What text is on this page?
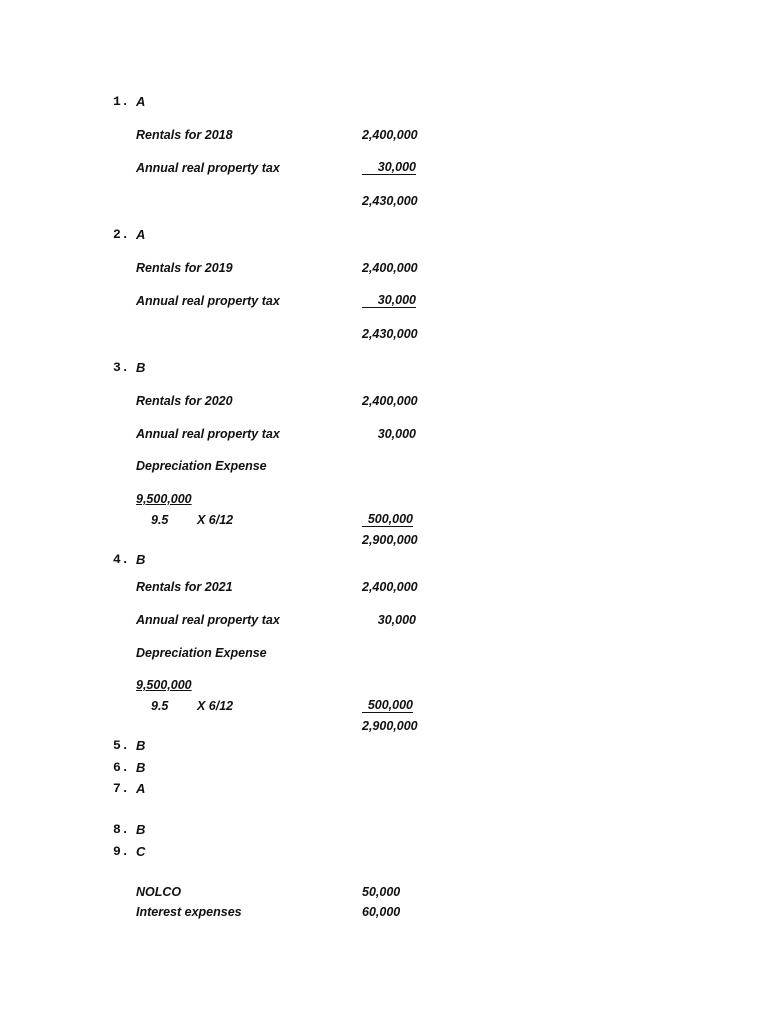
1. A
Rentals for 2018	2,400,000
Annual real property tax	30,000
2,430,000
2. A
Rentals for 2019	2,400,000
Annual real property tax	30,000
2,430,000
3. B
Rentals for 2020	2,400,000
Annual real property tax	30,000
Depreciation Expense
9,500,000
9.5 X 6/12	500,000
2,900,000
4. B
Rentals for 2021	2,400,000
Annual real property tax	30,000
Depreciation Expense
9,500,000
9.5 X 6/12	500,000
2,900,000
5. B
6. B
7. A
8. B
9. C
NOLCO	50,000
Interest expenses	60,000
